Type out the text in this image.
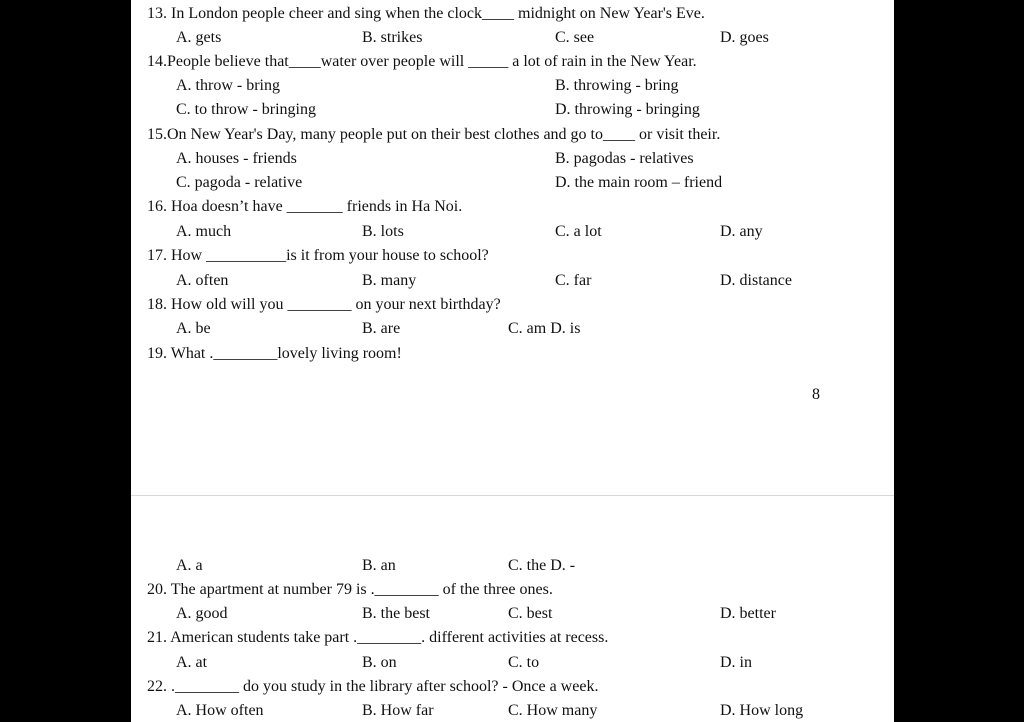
13. In London people cheer and sing when the clock____ midnight on New Year's Eve.
A. gets	B. strikes	C. see	D. goes
14.People believe that____water over people will _____ a lot of rain in the New Year.
A. throw - bring	B. throwing - bring
C. to throw - bringing	D. throwing - bringing
15.On New Year's Day, many people put on their best clothes and go to____ or visit their.
A. houses - friends	B. pagodas - relatives
C. pagoda - relative	D. the main room – friend
16. Hoa doesn’t have _______ friends in Ha Noi.
A. much	B. lots	C. a lot	D. any
17. How __________is it from your house to school?
A. often	B. many	C. far	D. distance
18. How old will you ________ on your next birthday?
A. be	B. are	C. am D. is
19. What .________lovely living room!
8
A. a	B. an	C. the D. -
20. The apartment at number 79 is .________ of the three ones.
A. good	B. the best	C. best	D. better
21. American students take part .________. different activities at recess.
A. at	B. on	C. to	D. in
22. .________ do you study in the library after school? - Once a week.
A. How often	B. How far	C. How many	D. How long
